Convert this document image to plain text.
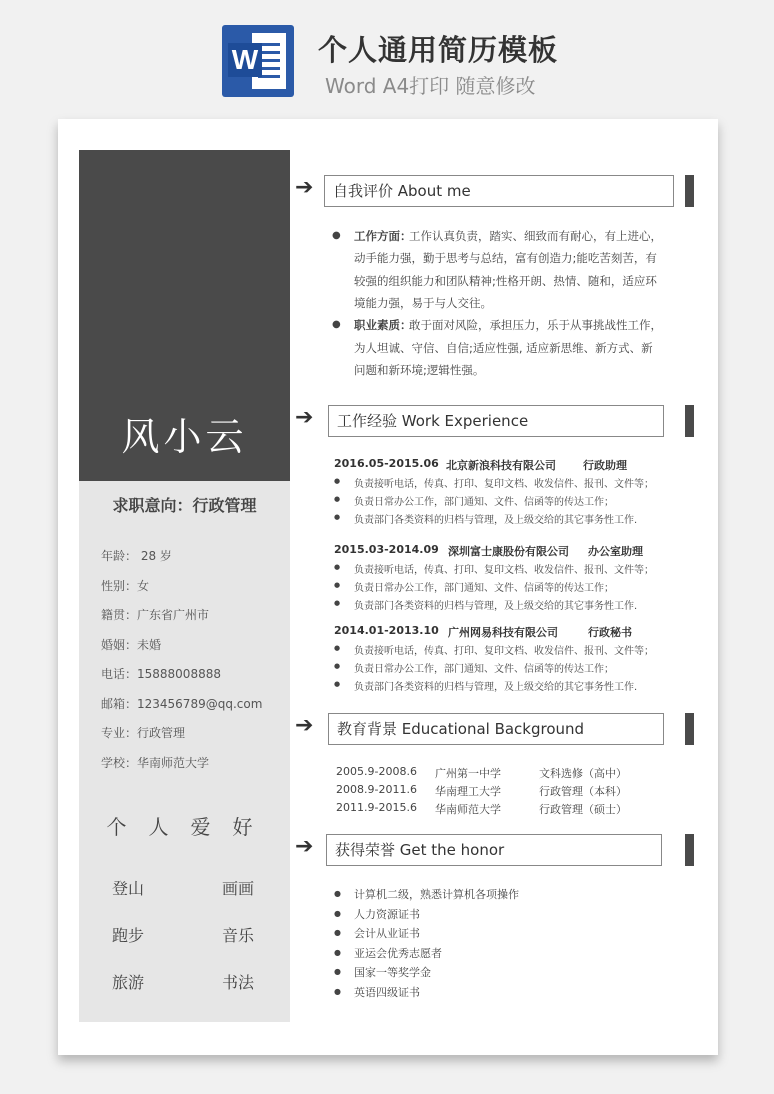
W 个人通用简历模板
Word A4打印 随意修改
风小云
求职意向：行政管理
年龄： 28 岁
性别：女
籍贯：广东省广州市
婚姻：未婚
电话：15888008888
邮箱：123456789@qq.com
专业：行政管理
学校：华南师范大学
个人爱好
登山	画画
跑步	音乐
旅游	书法
➔	自我评价 About me
● 工作方面：
工作认真负责，踏实、细致而有耐心，有上进心，
动手能力强，勤于思考与总结，富有创造力;能吃苦刻苦，有
较强的组织能力和团队精神;性格开朗、热情、随和，适应环
境能力强，易于与人交往。
● 职业素质：
敢于面对风险，承担压力，乐于从事挑战性工作，
为人坦诚、守信、自信;适应性强, 适应新思维、新方式、新
问题和新环境;逻辑性强。
➔	工作经验 Work Experience
2016.05-2015.06 北京新浪科技有限公司 行政助理
● 负责接听电话，传真、打印、复印文档、收发信件、报刊、文件等；
● 负责日常办公工作，部门通知、文件、信函等的传达工作；
● 负责部门各类资料的归档与管理，及上级交给的其它事务性工作.
2015.03-2014.09 深圳富士康股份有限公司 办公室助理
● 负责接听电话，传真、打印、复印文档、收发信件、报刊、文件等；
● 负责日常办公工作，部门通知、文件、信函等的传达工作；
● 负责部门各类资料的归档与管理，及上级交给的其它事务性工作.
2014.01-2013.10 广州网易科技有限公司	行政秘书
● 负责接听电话，传真、打印、复印文档、收发信件、报刊、文件等；
● 负责日常办公工作，部门通知、文件、信函等的传达工作；
● 负责部门各类资料的归档与管理，及上级交给的其它事务性工作.
➔	教育背景 Educational Background
2005.9-2008.6 广州第一中学	文科选修（高中）
2008.9-2011.6 华南理工大学	行政管理（本科）
2011.9-2015.6 华南师范大学	行政管理（硕士）
➔	获得荣誉 Get the honor
● 计算机二级，熟悉计算机各项操作
● 人力资源证书
● 会计从业证书
● 亚运会优秀志愿者
● 国家一等奖学金
● 英语四级证书
